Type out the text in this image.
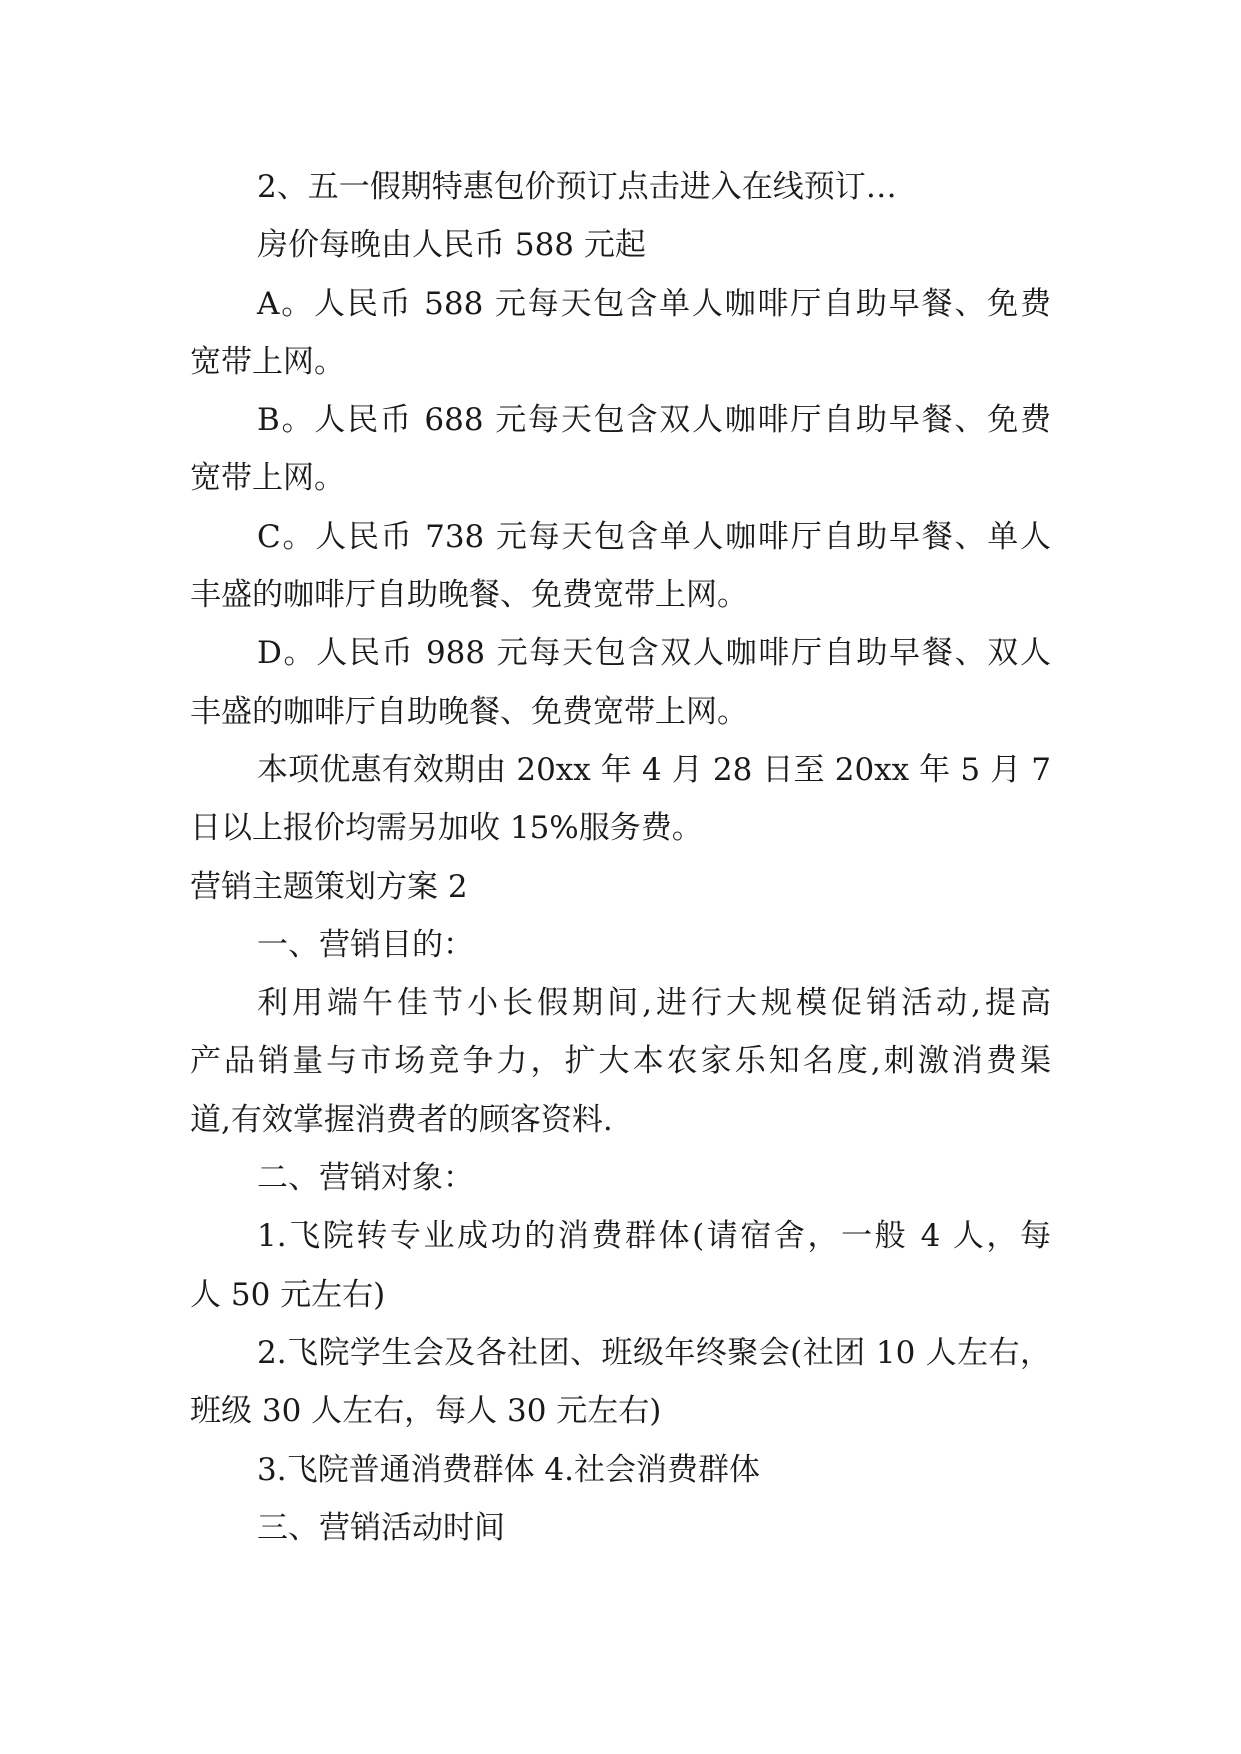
2、五一假期特惠包价预订点击进入在线预订…
房价每晚由人民币 588 元起
A。人民币 588 元每天包含单人咖啡厅自助早餐、免费
宽带上网。
B。人民币 688 元每天包含双人咖啡厅自助早餐、免费
宽带上网。
C。人民币 738 元每天包含单人咖啡厅自助早餐、单人
丰盛的咖啡厅自助晚餐、免费宽带上网。
D。人民币 988 元每天包含双人咖啡厅自助早餐、双人
丰盛的咖啡厅自助晚餐、免费宽带上网。
本项优惠有效期由 20xx 年 4 月 28 日至 20xx 年 5 月 7
日以上报价均需另加收 15%服务费。
营销主题策划方案 2
一、营销目的：
利用端午佳节小长假期间,进行大规模促销活动,提高
产品销量与市场竞争力，扩大本农家乐知名度,刺激消费渠
道,有效掌握消费者的顾客资料.
二、营销对象：
1.飞院转专业成功的消费群体(请宿舍，一般 4 人，每
人 50 元左右)
2.飞院学生会及各社团、班级年终聚会(社团 10 人左右，
班级 30 人左右，每人 30 元左右)
3.飞院普通消费群体 4.社会消费群体
三、营销活动时间
